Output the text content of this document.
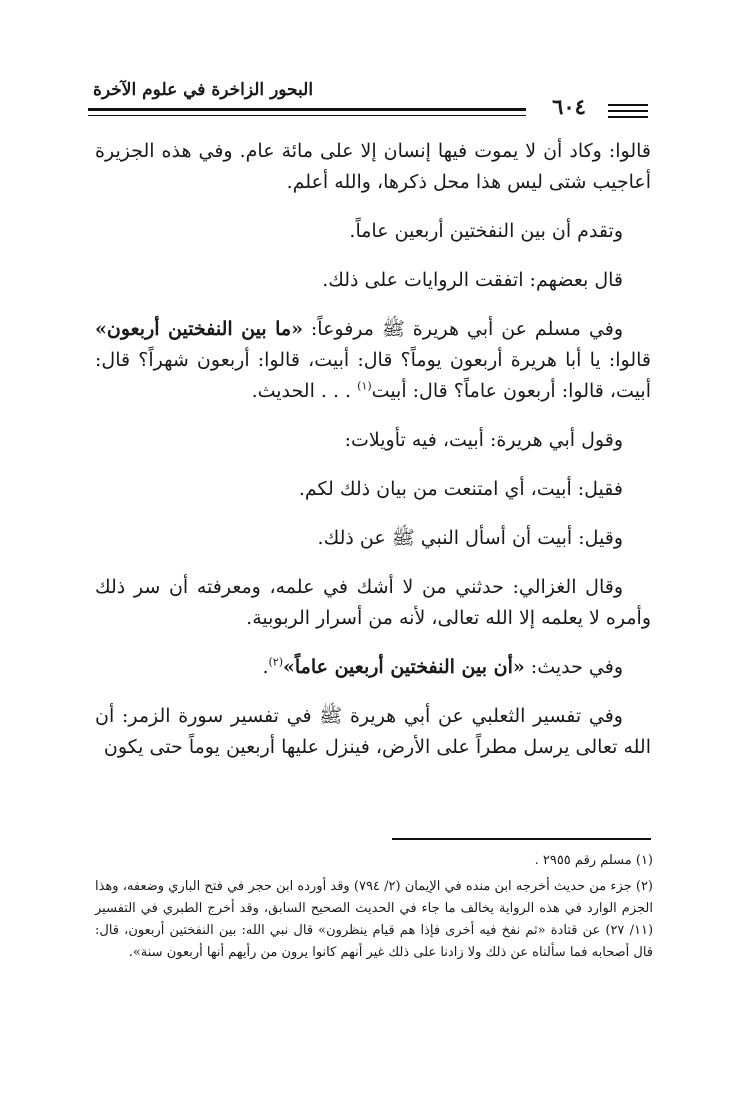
البحور الزاخرة في علوم الآخرة
٦٠٤

قالوا: وكاد أن لا يموت فيها إنسان إلا على مائة عام. وفي هذه الجزيرة أعاجيب شتى ليس هذا محل ذكرها، والله أعلم.

وتقدم أن بين النفختين أربعين عاماً.

قال بعضهم: اتفقت الروايات على ذلك.

وفي مسلم عن أبي هريرة ﷺ مرفوعاً: «ما بين النفختين أربعون» قالوا: يا أبا هريرة أربعون يوماً؟ قال: أبيت، قالوا: أربعون شهراً؟ قال: أبيت، قالوا: أربعون عاماً؟ قال: أبيت$^{(١)}$ . . . الحديث.

وقول أبي هريرة: أبيت، فيه تأويلات:

فقيل: أبيت، أي امتنعت من بيان ذلك لكم.

وقيل: أبيت أن أسأل النبي ﷺ عن ذلك.

وقال الغزالي: حدثني من لا أشك في علمه، ومعرفته أن سر ذلك وأمره لا يعلمه إلا الله تعالى، لأنه من أسرار الربوبية.

وفي حديث: «أن بين النفختين أربعين عاماً»$^{(٢)}$.

وفي تفسير الثعلبي عن أبي هريرة ﷺ في تفسير سورة الزمر: أن الله تعالى يرسل مطراً على الأرض، فينزل عليها أربعين يوماً حتى يكون

(١) مسلم رقم ٢٩٥٥ .

(٢) جزء من حديث أخرجه ابن منده في الإيمان (٢/ ٧٩٤) وقد أورده ابن حجر في فتح الباري وضعفه، وهذا الجزم الوارد في هذه الرواية يخالف ما جاء في الحديث الصحيح السابق، وقد أخرج الطبري في التفسير (١١/ ٢٧) عن قتادة «ثم نفخ فيه أخرى فإذا هم قيام ينظرون» قال نبي الله: بين النفختين أربعون، قال: قال أصحابه فما سألناه عن ذلك ولا زادنا على ذلك غير أنهم كانوا يرون من رأيهم أنها أربعون سنة».
